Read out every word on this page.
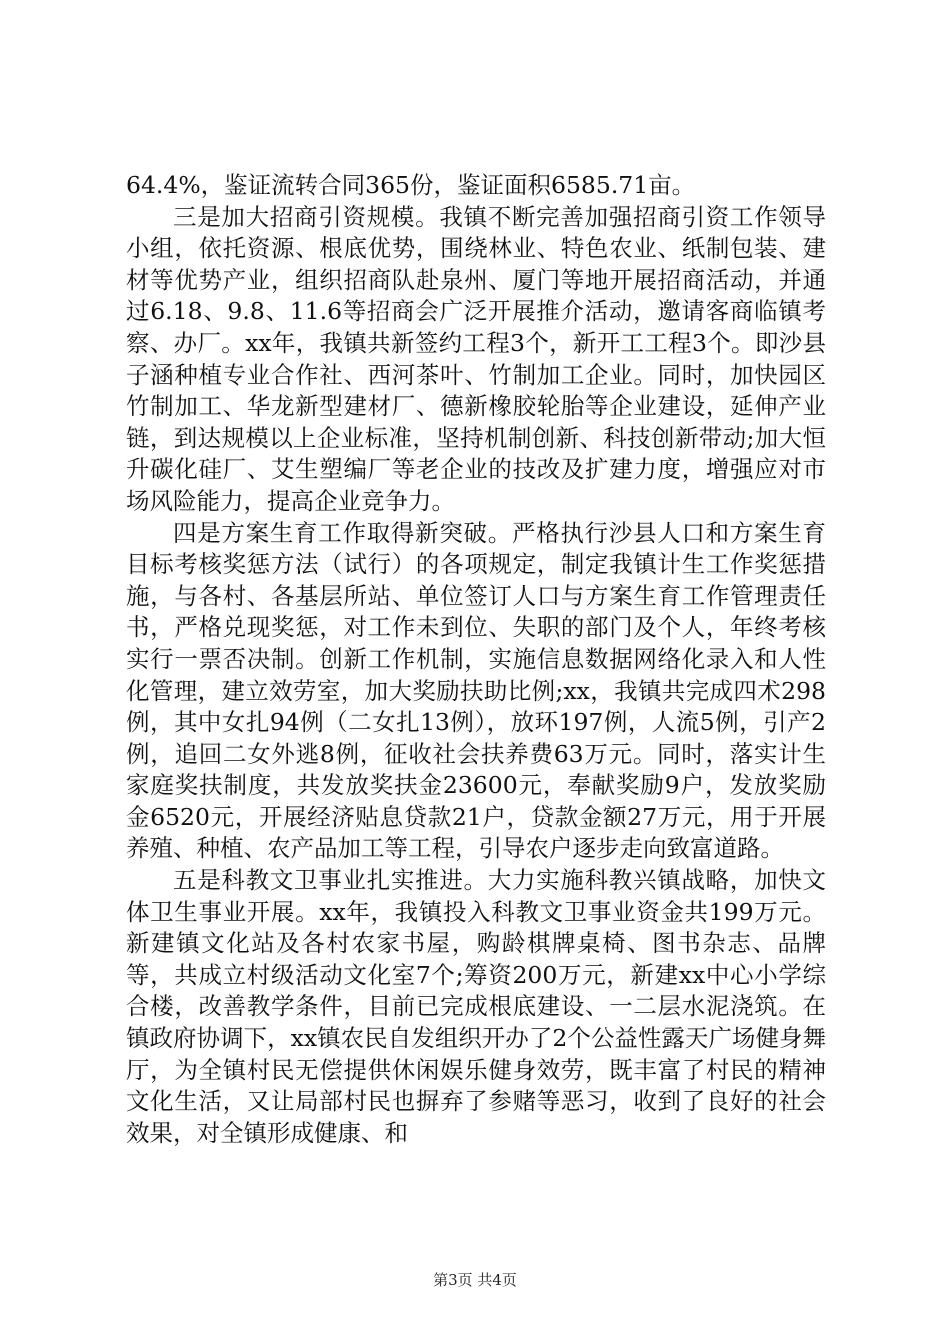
64.4%，鉴证流转合同365份，鉴证面积6585.71亩。

三是加大招商引资规模。我镇不断完善加强招商引资工作领导小组，依托资源、根底优势，围绕林业、特色农业、纸制包装、建材等优势产业，组织招商队赴泉州、厦门等地开展招商活动，并通过6.18、9.8、11.6等招商会广泛开展推介活动，邀请客商临镇考察、办厂。xx年，我镇共新签约工程3个，新开工工程3个。即沙县子涵种植专业合作社、西河茶叶、竹制加工企业。同时，加快园区竹制加工、华龙新型建材厂、德新橡胶轮胎等企业建设，延伸产业链，到达规模以上企业标准，坚持机制创新、科技创新带动;加大恒升碳化硅厂、艾生塑编厂等老企业的技改及扩建力度，增强应对市场风险能力，提高企业竞争力。

四是方案生育工作取得新突破。严格执行沙县人口和方案生育目标考核奖惩方法（试行）的各项规定，制定我镇计生工作奖惩措施，与各村、各基层所站、单位签订人口与方案生育工作管理责任书，严格兑现奖惩，对工作未到位、失职的部门及个人，年终考核实行一票否决制。创新工作机制，实施信息数据网络化录入和人性化管理，建立效劳室，加大奖励扶助比例;xx，我镇共完成四术298例，其中女扎94例（二女扎13例），放环197例，人流5例，引产2例，追回二女外逃8例，征收社会扶养费63万元。同时，落实计生家庭奖扶制度，共发放奖扶金23600元，奉献奖励9户，发放奖励金6520元，开展经济贴息贷款21户，贷款金额27万元，用于开展养殖、种植、农产品加工等工程，引导农户逐步走向致富道路。

五是科教文卫事业扎实推进。大力实施科教兴镇战略，加快文体卫生事业开展。xx年，我镇投入科教文卫事业资金共199万元。新建镇文化站及各村农家书屋，购龄棋牌桌椅、图书杂志、品牌等，共成立村级活动文化室7个;筹资200万元，新建xx中心小学综合楼，改善教学条件，目前已完成根底建设、一二层水泥浇筑。在镇政府协调下，xx镇农民自发组织开办了2个公益性露天广场健身舞厅，为全镇村民无偿提供休闲娱乐健身效劳，既丰富了村民的精神文化生活，又让局部村民也摒弃了参赌等恶习，收到了良好的社会效果，对全镇形成健康、和

第3页 共4页
